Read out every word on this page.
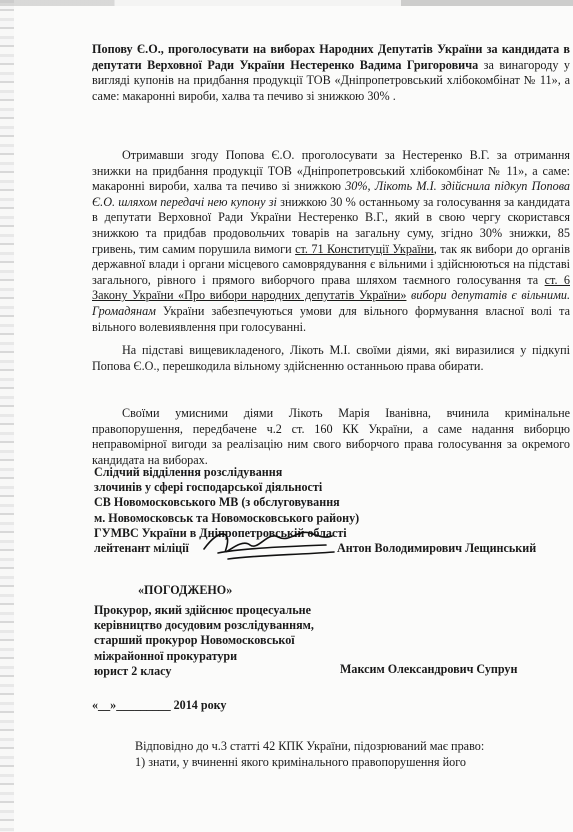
Попову Є.О., проголосувати на виборах Народних Депутатів України за кандидата в депутати Верховної Ради України Нестеренко Вадима Григоровича за винагороду у вигляді купонів на придбання продукції ТОВ «Дніпропетровський хлібокомбінат № 11», а саме: макаронні вироби, халва та печиво зі знижкою 30% .
Отримавши згоду Попова Є.О. проголосувати за Нестеренко В.Г. за отримання знижки на придбання продукції ТОВ «Дніпропетровський хлібокомбінат № 11», а саме: макаронні вироби, халва та печиво зі знижкою 30%, Лікоть М.І. здійснила підкуп Попова Є.О. шляхом передачі нею купону зі знижкою 30 % останньому за голосування за кандидата в депутати Верховної Ради України Нестеренко В.Г., який в свою чергу скористався знижкою та придбав продовольчих товарів на загальну суму, згідно 30% знижки, 85 гривень, тим самим порушила вимоги ст. 71 Конституції України, так як вибори до органів державної влади і органи місцевого самоврядування є вільними і здійснюються на підставі загального, рівного і прямого виборчого права шляхом таємного голосування та ст. 6 Закону України «Про вибори народних депутатів України» вибори депутатів є вільними. Громадянам України забезпечуються умови для вільного формування власної волі та вільного волевиявлення при голосуванні.
На підставі вищевикладеного, Лікоть М.І. своїми діями, які виразилися у підкупі Попова Є.О., перешкодила вільному здійсненню останньою права обирати.
Своїми умисними діями Лікоть Марія Іванівна, вчинила кримінальне правопорушення, передбачене ч.2 ст. 160 КК України, а саме надання виборцю неправомірної вигоди за реалізацію ним свого виборчого права голосування за окремого кандидата на виборах.
Слідчий відділення розслідування
злочинів у сфері господарської діяльності
СВ Новомосковського МВ (з обслуговування
м. Новомосковськ та Новомосковського району)
ГУМВС України в Дніпропетровській області
лейтенант міліції	Антон Володимирович Лещинський
«ПОГОДЖЕНО»
Прокурор, який здійснює процесуальне
керівництво досудовим розслідуванням,
старший прокурор Новомосковської
міжрайонної прокуратури
юрист 2 класу	Максим Олександрович Супрун
«__»_________ 2014 року
Відповідно до ч.3 статті 42 КПК України, підозрюваний має право:
1) знати, у вчиненні якого кримінального правопорушення його
